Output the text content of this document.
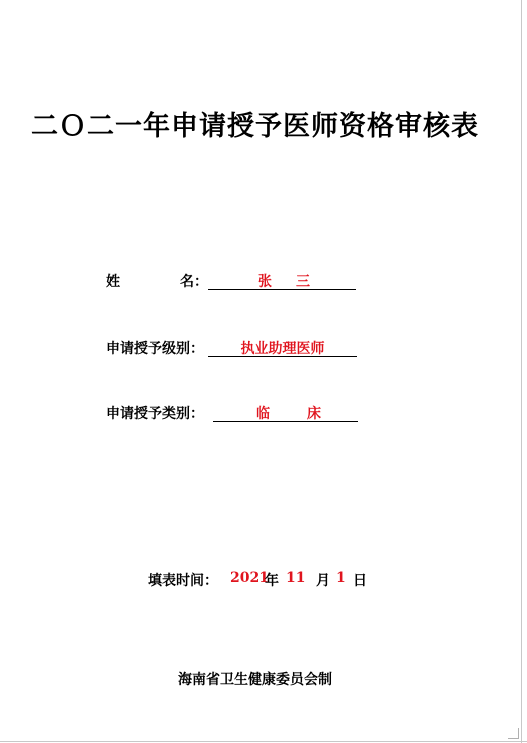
二Ｏ二一年申请授予医师资格审核表
姓	名：	张 三
申请授予级别：	执业助理医师
申请授予类别：	临	床
填表时间： 2021
年 11 月 1 日
海南省卫生健康委员会制
